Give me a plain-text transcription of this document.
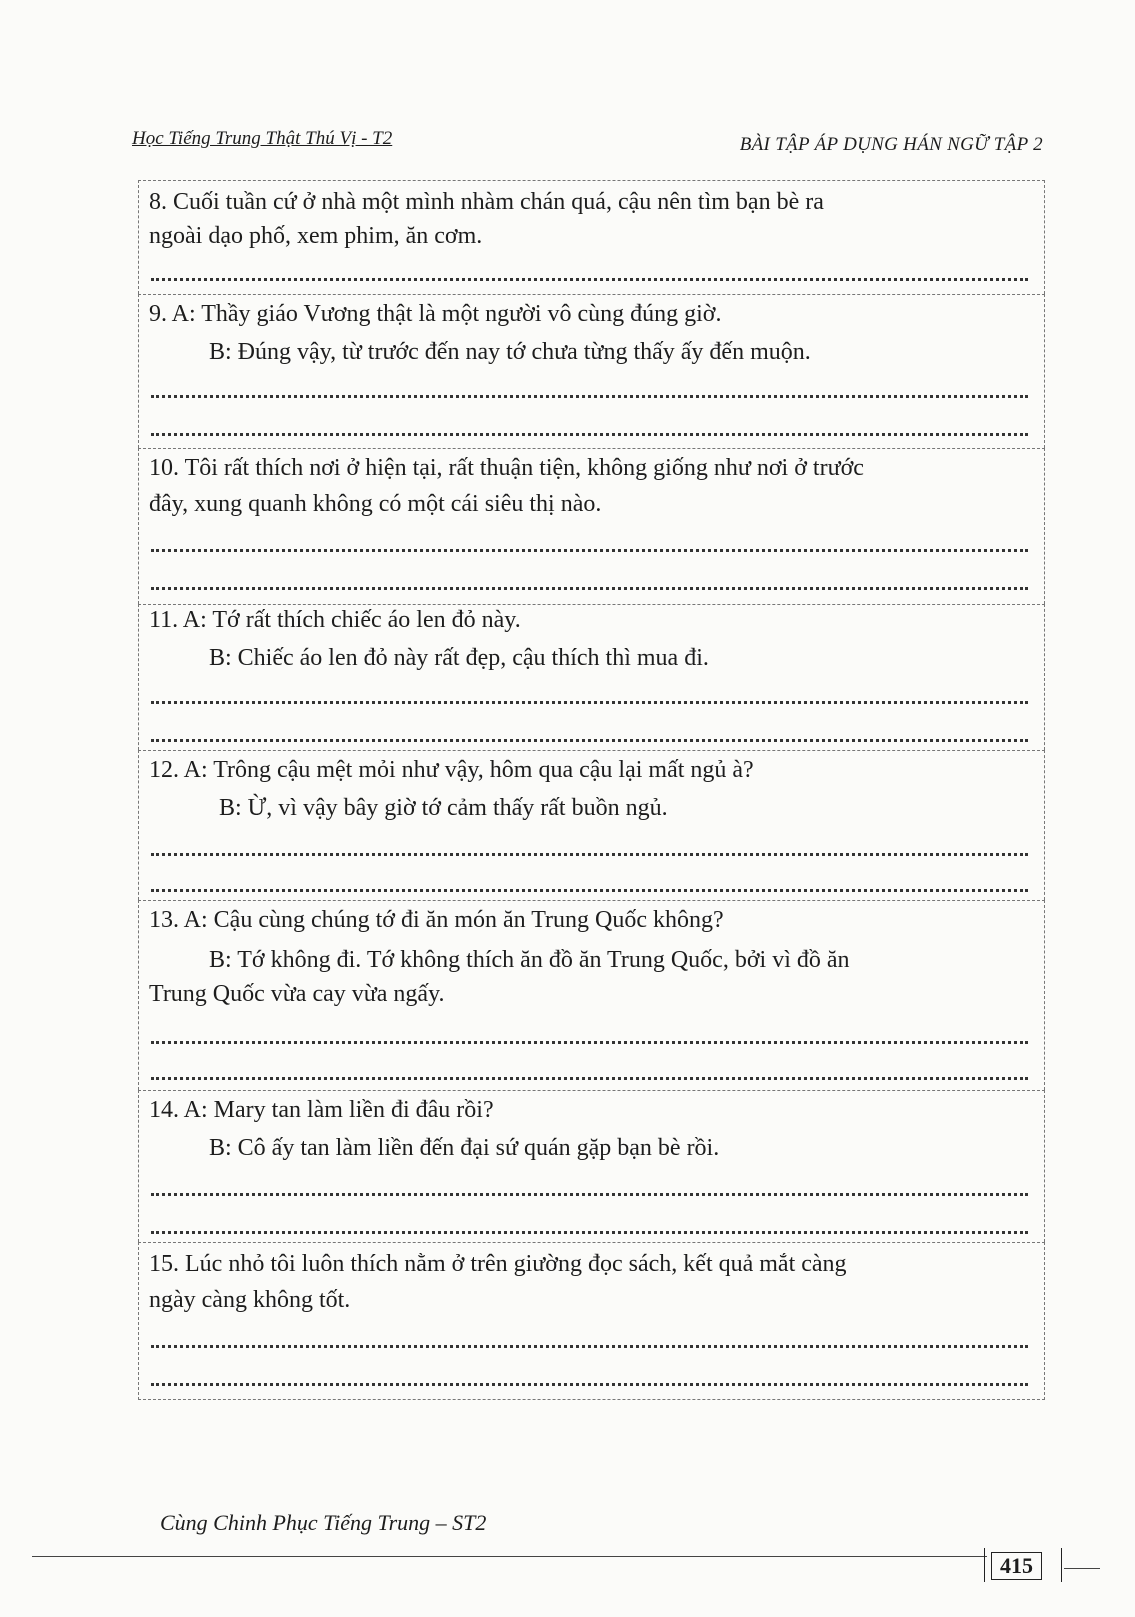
Học Tiếng Trung Thật Thú Vị - T2	BÀI TẬP ÁP DỤNG HÁN NGỮ TẬP 2
8. Cuối tuần cứ ở nhà một mình nhàm chán quá, cậu nên tìm bạn bè ra
ngoài dạo phố, xem phim, ăn cơm.
9. A: Thầy giáo Vương thật là một người vô cùng đúng giờ.
B: Đúng vậy, từ trước đến nay tớ chưa từng thấy ấy đến muộn.
10. Tôi rất thích nơi ở hiện tại, rất thuận tiện, không giống như nơi ở trước
đây, xung quanh không có một cái siêu thị nào.
11. A: Tớ rất thích chiếc áo len đỏ này.
B: Chiếc áo len đỏ này rất đẹp, cậu thích thì mua đi.
12. A: Trông cậu mệt mỏi như vậy, hôm qua cậu lại mất ngủ à?
B: Ừ, vì vậy bây giờ tớ cảm thấy rất buồn ngủ.
13. A: Cậu cùng chúng tớ đi ăn món ăn Trung Quốc không?
B: Tớ không đi. Tớ không thích ăn đồ ăn Trung Quốc, bởi vì đồ ăn
Trung Quốc vừa cay vừa ngấy.
14. A: Mary tan làm liền đi đâu rồi?
B: Cô ấy tan làm liền đến đại sứ quán gặp bạn bè rồi.
15. Lúc nhỏ tôi luôn thích nằm ở trên giường đọc sách, kết quả mắt càng
ngày càng không tốt.
Cùng Chinh Phục Tiếng Trung – ST2
415
